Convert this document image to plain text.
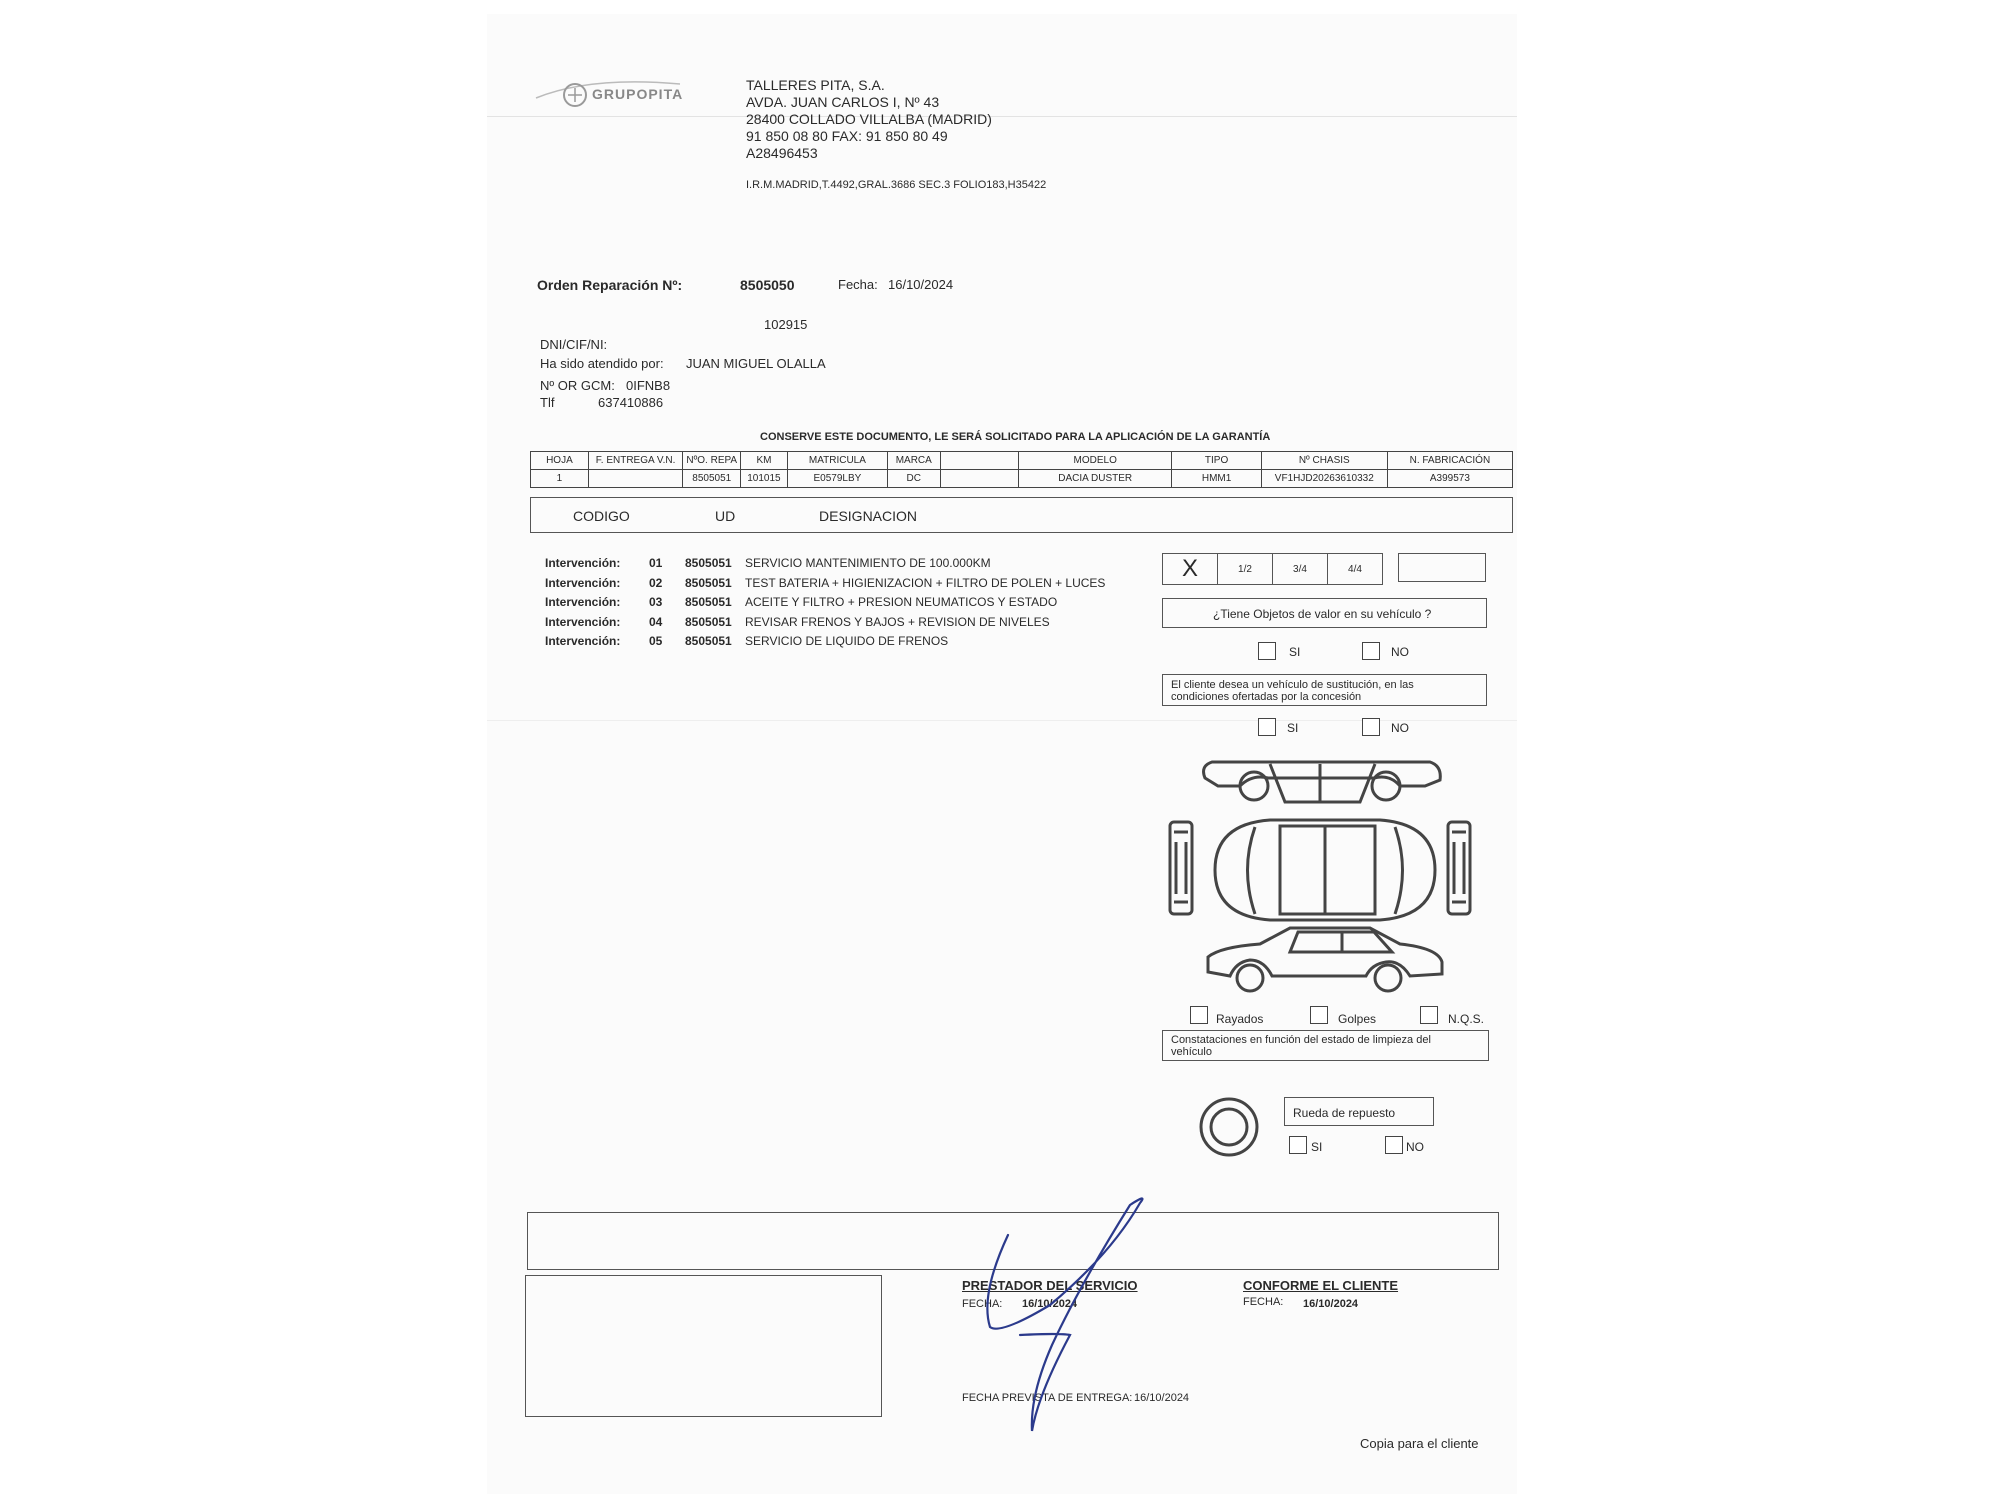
GRUPOPITA
TALLERES PITA, S.A.
AVDA. JUAN CARLOS I, Nº 43
28400 COLLADO VILLALBA (MADRID)
91 850 08 80 FAX: 91 850 80 49
A28496453
I.R.M.MADRID,T.4492,GRAL.3686 SEC.3 FOLIO183,H35422
Orden Reparación Nº:	8505050	Fecha: 16/10/2024
102915
DNI/CIF/NI:
Ha sido atendido por: JUAN MIGUEL OLALLA
Nº OR GCM: 0IFNB8
Tlf	637410886
CONSERVE ESTE DOCUMENTO, LE SERÁ SOLICITADO PARA LA APLICACIÓN DE LA GARANTÍA
HOJA	F. ENTREGA V.N.	NºO. REPA	KM	MATRICULA	MARCA		MODELO	TIPO	Nº CHASIS	N. FABRICACIÓN
1		8505051	101015	E0579LBY	DC		DACIA DUSTER	HMM1	VF1HJD20263610332	A399573
CODIGO	UD	DESIGNACION
Intervención: 01 8505051 SERVICIO MANTENIMIENTO DE 100.000KM
Intervención: 02 8505051 TEST BATERIA + HIGIENIZACION + FILTRO DE POLEN + LUCES
Intervención: 03 8505051 ACEITE Y FILTRO + PRESION NEUMATICOS Y ESTADO
Intervención: 04 8505051 REVISAR FRENOS Y BAJOS + REVISION DE NIVELES
Intervención: 05 8505051 SERVICIO DE LIQUIDO DE FRENOS
X	1/2	3/4	4/4
¿Tiene Objetos de valor en su vehículo ?
SI	NO
El cliente desea un vehículo de sustitución, en las condiciones ofertadas por la concesión
SI	NO
Rayados	Golpes	N.Q.S.
Constataciones en función del estado de limpieza del vehículo
Rueda de repuesto
SI	NO
PRESTADOR DEL SERVICIO
FECHA: 16/10/2024
CONFORME EL CLIENTE
FECHA: 16/10/2024
FECHA PREVISTA DE ENTREGA: 16/10/2024
Copia para el cliente
